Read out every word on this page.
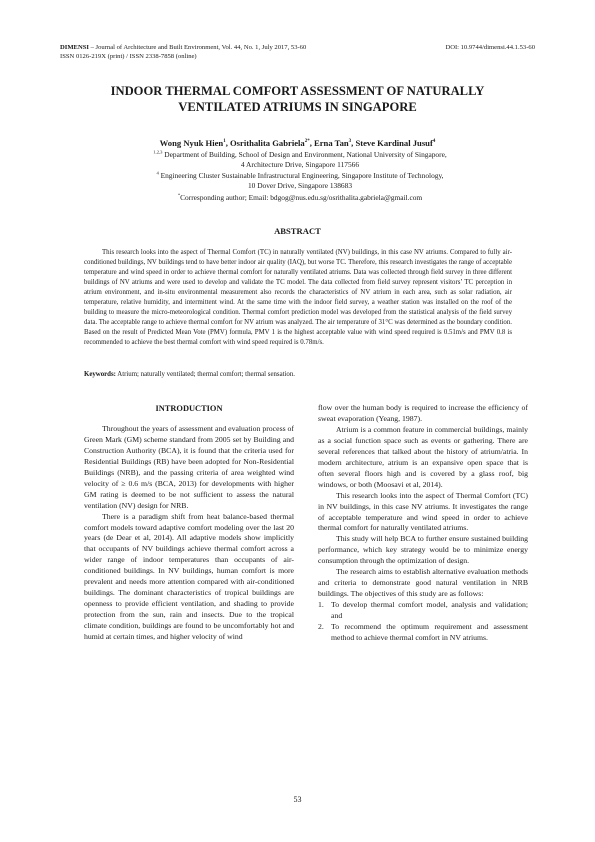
DIMENSI – Journal of Architecture and Built Environment, Vol. 44, No. 1, July 2017, 53-60
ISSN 0126-219X (print) / ISSN 2338-7858 (online)
DOI: 10.9744/dimensi.44.1.53-60
INDOOR THERMAL COMFORT ASSESSMENT OF NATURALLY
VENTILATED ATRIUMS IN SINGAPORE
Wong Nyuk Hien$^1$, Osrithalita Gabriela$^{2*}$, Erna Tan$^3$, Steve Kardinal Jusuf$^4$
$^{1,2,3}$ Department of Building, School of Design and Environment, National University of Singapore,
4 Architecture Drive, Singapore 117566
$^4$ Engineering Cluster Sustainable Infrastructural Engineering, Singapore Institute of Technology,
10 Dover Drive, Singapore 138683
*Corresponding author; Email: bdgog@nus.edu.sg/osrithalita.gabriela@gmail.com
ABSTRACT

This research looks into the aspect of Thermal Comfort (TC) in naturally ventilated (NV) buildings, in this case NV atriums. Compared to fully air-conditioned buildings, NV buildings tend to have better indoor air quality (IAQ), but worse TC. Therefore, this research investigates the range of acceptable temperature and wind speed in order to achieve thermal comfort for naturally ventilated atriums. Data was collected through field survey in three different buildings of NV atriums and were used to develop and validate the TC model. The data collected from field survey represent visitors’ TC perception in atrium environment, and in-situ environmental measurement also records the characteristics of NV atrium in each area, such as solar radiation, air temperature, relative humidity, and intermittent wind. At the same time with the indoor field survey, a weather station was installed on the roof of the building to measure the micro-meteorological condition. Thermal comfort prediction model was developed from the statistical analysis of the field survey data. The acceptable range to achieve thermal comfort for NV atrium was analyzed. The air temperature of 31°C was determined as the boundary condition. Based on the result of Predicted Mean Vote (PMV) formula, PMV 1 is the highest acceptable value with wind speed required is 0.51m/s and PMV 0.8 is recommended to achieve the best thermal comfort with wind speed required is 0.78m/s.

Keywords: Atrium; naturally ventilated; thermal comfort; thermal sensation.

INTRODUCTION

Throughout the years of assessment and evaluation process of Green Mark (GM) scheme standard from 2005 set by Building and Construction Authority (BCA), it is found that the criteria used for Residential Buildings (RB) have been adopted for Non-Residential Buildings (NRB), and the passing criteria of area weighted wind velocity of ≥ 0.6 m/s (BCA, 2013) for developments with higher GM rating is deemed to be not sufficient to assess the natural ventilation (NV) design for NRB.

There is a paradigm shift from heat balance-based thermal comfort models toward adaptive comfort modeling over the last 20 years (de Dear et al, 2014). All adaptive models show implicitly that occupants of NV buildings achieve thermal comfort across a wider range of indoor temperatures than occupants of air-conditioned buildings. In NV buildings, human comfort is more prevalent and needs more attention compared with air-conditioned buildings. The dominant characteristics of tropical buildings are openness to provide efficient ventilation, and shading to provide protection from the sun, rain and insects. Due to the tropical climate condition, buildings are found to be uncomfortably hot and humid at certain times, and higher velocity of wind

flow over the human body is required to increase the efficiency of sweat evaporation (Yeang, 1987).

Atrium is a common feature in commercial buildings, mainly as a social function space such as events or gathering. There are several references that talked about the history of atrium/atria. In modern architecture, atrium is an expansive open space that is often several floors high and is covered by a glass roof, big windows, or both (Moosavi et al, 2014).

This research looks into the aspect of Thermal Comfort (TC) in NV buildings, in this case NV atriums. It investigates the range of acceptable temperature and wind speed in order to achieve thermal comfort for naturally ventilated atriums.

This study will help BCA to further ensure sustained building performance, which key strategy would be to minimize energy consumption through the optimization of design.

The research aims to establish alternative evaluation methods and criteria to demonstrate good natural ventilation in NRB buildings. The objectives of this study are as follows:

1. To develop thermal comfort model, analysis and validation; and
2. To recommend the optimum requirement and assessment method to achieve thermal comfort in NV atriums.
53
